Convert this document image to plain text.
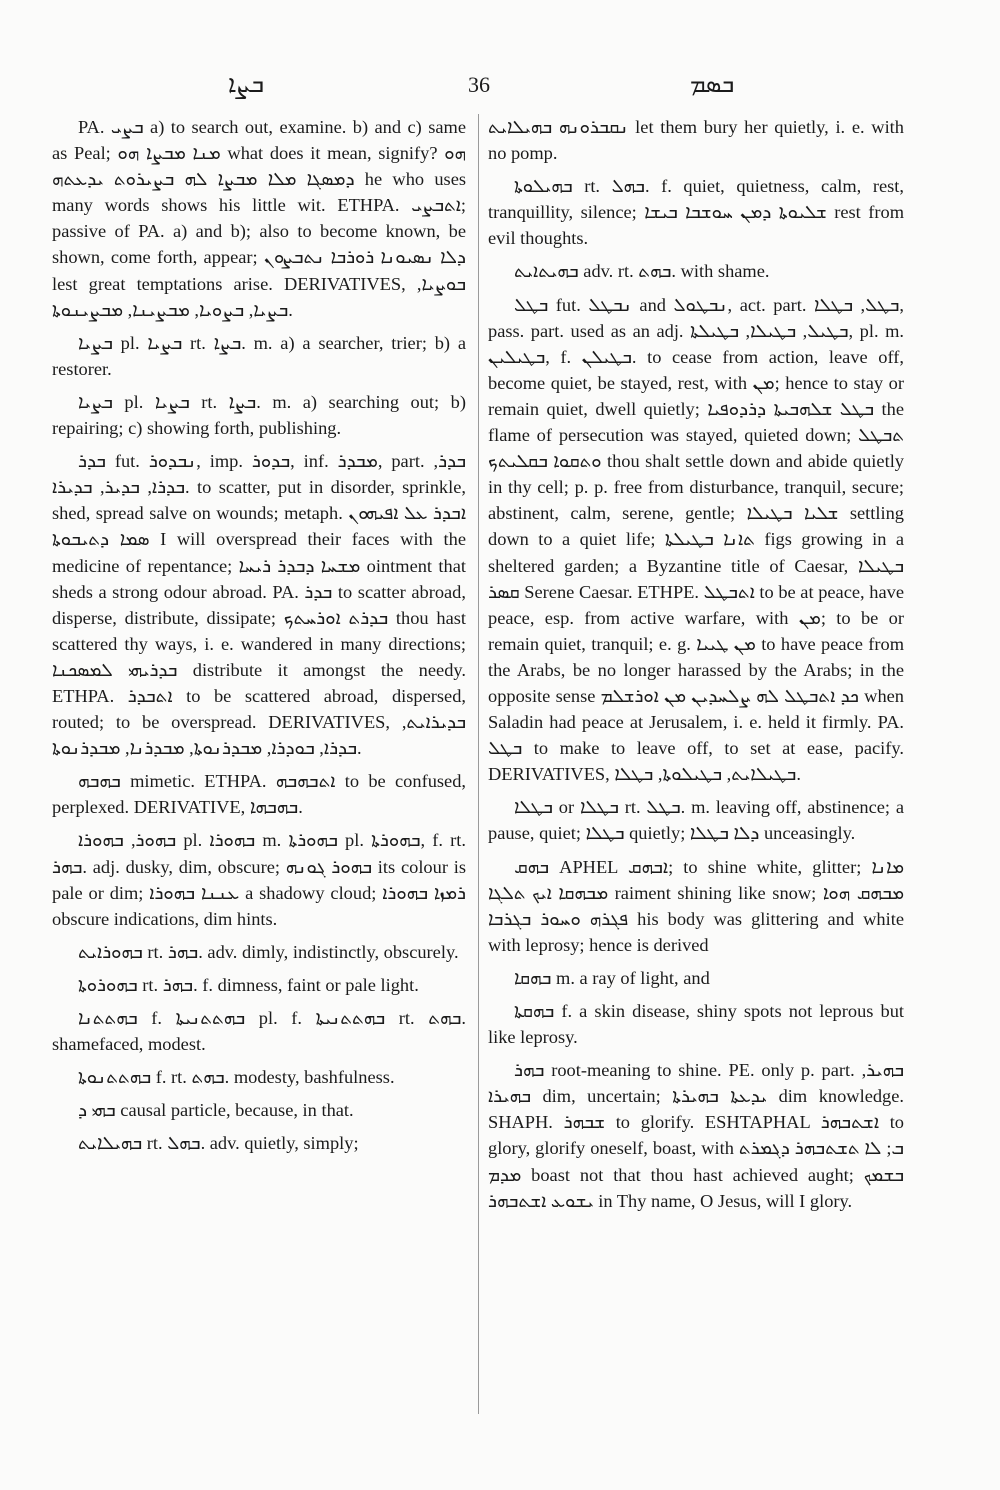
ܒܨܐ	36	ܒܣܡ

PA. ܒܨܝ a) to search out, examine. b) and c) same as Peal; ܡܢܐ ܡܒܨܐ ܗܘ what does it mean, signify? ܗܘ ܕܡܣܓܐ ܡܠܐ ܡܒܨܐ ܠܗ ܒܨܝܪܘܬ ܝܕܥܬܗ he who uses many words shows his little wit. ETHPA. ܐܬܒܨܝ; passive of PA. a) and b); also to become known, be shown, come forth, appear; ܕܠܐ ܢܣܝܘܢܐ ܪܘܪܒܐ ܢܬܒܨܘܢ lest great temptations arise. DERIVATIVES, ܒܘܨܝܐ, ܒܨܝܐ, ܒܨܘܝܐ, ܡܒܨܝܢܐ, ܡܒܨܝܢܘܬܐ.

ܒܨܝܐ pl. ܒܨܝܐ rt. ܒܨܐ. m. a) a searcher, trier; b) a restorer.

ܒܨܝܐ pl. ܒܨܝܐ rt. ܒܨܐ. m. a) searching out; b) repairing; c) showing forth, publishing.

ܒܕܪ fut. ܢܒܕܘܪ, imp. ܒܕܘܪ, inf. ܡܒܕܪ, part. ܒܕܪ, ܒܕܪܐ, ܒܕܝܪ, ܒܕܝܪܐ. to scatter, put in disorder, sprinkle, shed, spread salve on wounds; metaph. ܐܒܕܪ ܥܠ ܐܦܝܗܘܢ ܣܡܐ ܕܬܝܒܘܬܐ I will overspread their faces with the medicine of repentance; ܡܫܚܐ ܕܒܕܪ ܪܝܚܐ ointment that sheds a strong odour abroad. PA. ܒܕܪ to scatter abroad, disperse, distribute, dissipate; ܒܕܪܬ ܐܘܪܚܬܟ thou hast scattered thy ways, i. e. wandered in many directions; ܒܕܪܝܗܝ ܠܡܣܟܢܐ distribute it amongst the needy. ETHPA. ܐܬܒܕܪ to be scattered abroad, dispersed, routed; to be overspread. DERIVATIVES, ܒܕܝܪܐܝܬ, ܒܕܪܐ, ܒܘܕܪܐ, ܡܒܕܪܢܘܬܐ, ܡܒܕܪܢܐ, ܡܒܕܪܢܘܬܐ.

ܒܗܒܗ mimetic. ETHPA. ܐܬܒܗܒܗ to be confused, perplexed. DERIVATIVE, ܒܗܒܗܐ.

ܒܗܘܪ, ܒܗܘܪܐ pl. ܒܗܘܪܐ m. ܒܗܘܪܬܐ pl. ܒܗܘܪܬܐ, f. rt. ܒܗܪ. adj. dusky, dim, obscure; ܒܗܘܪ ܓܘܢܗ its colour is pale or dim; ܥܢܢܐ ܒܗܘܪܐ a shadowy cloud; ܪܡܙܐ ܒܗܘܪܐ obscure indications, dim hints.

ܒܗܘܪܐܝܬ rt. ܒܗܪ. adv. dimly, indistinctly, obscurely.

ܒܗܘܪܘܬܐ rt. ܒܗܪ. f. dimness, faint or pale light.

ܒܗܬܬܢܐ f. ܒܗܬܬܢܝܬܐ pl. f. ܒܗܬܬܢܝܬܐ rt. ܒܗܬ. shamefaced, modest.

ܒܗܬܬܢܘܬܐ f. rt. ܒܗܬ. modesty, bashfulness.

ܒܗܝ ܕ causal particle, because, in that.

ܒܗܝܠܐܝܬ rt. ܒܗܠ. adv. quietly, simply;

ܢܩܒܪܘܢܗ ܒܗܝܠܐܝܬ let them bury her quietly, i. e. with no pomp.

ܒܗܝܠܘܬܐ rt. ܒܗܠ. f. quiet, quietness, calm, rest, tranquillity, silence; ܫܠܝܘܬܐ ܕܡܢ ܚܘܫܒܐ ܒܝܫܐ rest from evil thoughts.

ܒܗܝܬܐܝܬ adv. rt. ܒܗܬ. with shame.

ܒܛܠ fut. ܢܒܛܠ and ܢܒܛܘܠ, act. part. ܒܛܠ, ܒܛܠܐ, pass. part. used as an adj. ܒܛܝܠ, ܒܛܝܠܐ, ܒܛܝܠܬܐ, pl. m. ܒܛܝܠܝܢ, f. ܒܛܝܠܢ. to cease from action, leave off, become quiet, be stayed, rest, with ܡܢ; hence to stay or remain quiet, dwell quietly; ܒܛܠ ܫܠܗܒܝܬܐ ܕܪܕܘܦܝܐ the flame of persecution was stayed, quieted down; ܬܒܛܠ ܘܬܩܘܐ ܒܩܠܝܬܟ thou shalt settle down and abide quietly in thy cell; p. p. free from disturbance, tranquil, secure; abstinent, calm, serene, gentle; ܫܠܝܐ ܒܛܝܠܐ settling down to a quiet life; ܬܐܢܐ ܒܛܝܠܬܐ figs growing in a sheltered garden; a Byzantine title of Caesar, ܒܛܝܠܐ ܩܣܪ Serene Caesar. ETHPE. ܐܬܒܛܠ to be at peace, have peace, esp. from active warfare, with ܡܢ; to be or remain quiet, tranquil; e. g. ܡܢ ܛܝܝܐ to have peace from the Arabs, be no longer harassed by the Arabs; in the opposite sense ܟܕ ܐܬܒܛܠ ܠܗ ܨܠܚܕܝܢ ܡܢ ܐܘܪܫܠܡ when Saladin had peace at Jerusalem, i. e. held it firmly. PA. ܒܛܠ to make to leave off, to set at ease, pacify. DERIVATIVES, ܒܛܝܠܐܝܬ, ܒܛܝܠܘܬܐ, ܒܛܠܐ.

ܒܛܠܐ or ܒܛܠܐ rt. ܒܛܠ. m. leaving off, abstinence; a pause, quiet; ܒܛܠܐ quietly; ܕܠܐ ܒܛܠܐ unceasingly.

ܒܗܩ APHEL ܐܒܗܩ; to shine white, glitter; ܡܐܢܐ ܡܒܗܩܐ ܐܝܟ ܬܠܓܐ raiment shining like snow; ܡܒܗܩ ܗܘܐ ܦܓܪܗ ܘܚܘܪ ܒܓܪܒܐ his body was glittering and white with leprosy; hence is derived

ܒܗܩܐ m. a ray of light, and

ܒܗܩܬܐ f. a skin disease, shiny spots not leprous but like leprosy.

ܒܗܪ root-meaning to shine. PE. only p. part. ܒܗܝܪ, ܒܗܝܪܐ dim, uncertain; ܝܕܥܬܐ ܒܗܝܪܬܐ dim knowledge. SHAPH. ܫܒܗܪ to glorify. ESHTAPHAL ܐܫܬܒܗܪ to glory, glorify oneself, boast, with ܒ; ܠܐ ܬܫܬܒܗܪ ܕܓܡܪܬ ܡܕܡ boast not that thou hast achieved aught; ܒܫܡܟ ܝܫܘܥ ܐܫܬܒܗܪ in Thy name, O Jesus, will I glory.
